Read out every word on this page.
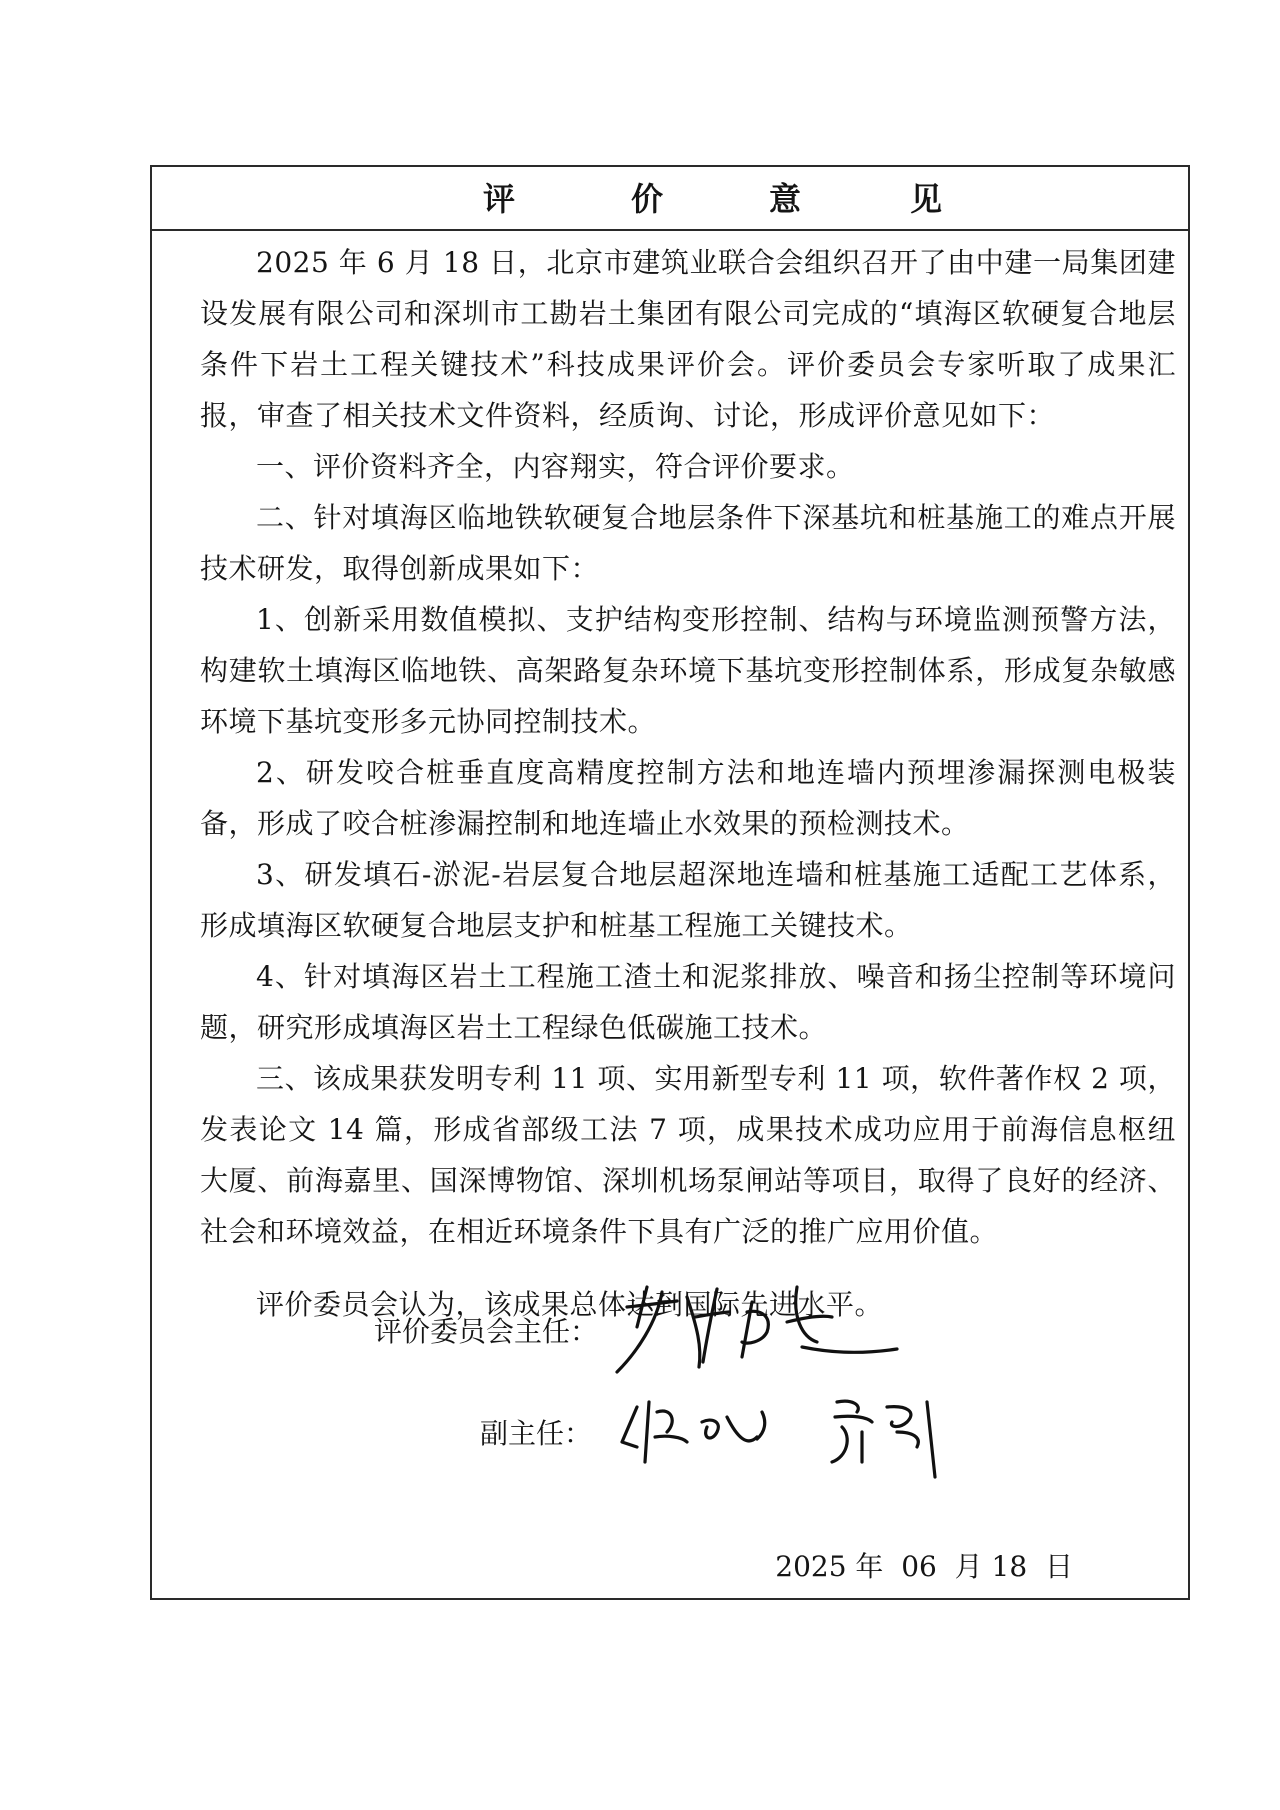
评	价	意	见

2025 年 6 月 18 日，北京市建筑业联合会组织召开了由中建一局集团建设发展有限公司和深圳市工勘岩土集团有限公司完成的“填海区软硬复合地层条件下岩土工程关键技术”科技成果评价会。评价委员会专家听取了成果汇报，审查了相关技术文件资料，经质询、讨论，形成评价意见如下：

一、评价资料齐全，内容翔实，符合评价要求。

二、针对填海区临地铁软硬复合地层条件下深基坑和桩基施工的难点开展技术研发，取得创新成果如下：

1、创新采用数值模拟、支护结构变形控制、结构与环境监测预警方法，构建软土填海区临地铁、高架路复杂环境下基坑变形控制体系，形成复杂敏感环境下基坑变形多元协同控制技术。

2、研发咬合桩垂直度高精度控制方法和地连墙内预埋渗漏探测电极装备，形成了咬合桩渗漏控制和地连墙止水效果的预检测技术。

3、研发填石-淤泥-岩层复合地层超深地连墙和桩基施工适配工艺体系，形成填海区软硬复合地层支护和桩基工程施工关键技术。

4、针对填海区岩土工程施工渣土和泥浆排放、噪音和扬尘控制等环境问题，研究形成填海区岩土工程绿色低碳施工技术。

三、该成果获发明专利 11 项、实用新型专利 11 项，软件著作权 2 项，发表论文 14 篇，形成省部级工法 7 项，成果技术成功应用于前海信息枢纽大厦、前海嘉里、国深博物馆、深圳机场泵闸站等项目，取得了良好的经济、社会和环境效益，在相近环境条件下具有广泛的推广应用价值。

评价委员会认为，该成果总体达到国际先进水平。

评价委员会主任：
副主任：
2025 年  06  月 18  日
